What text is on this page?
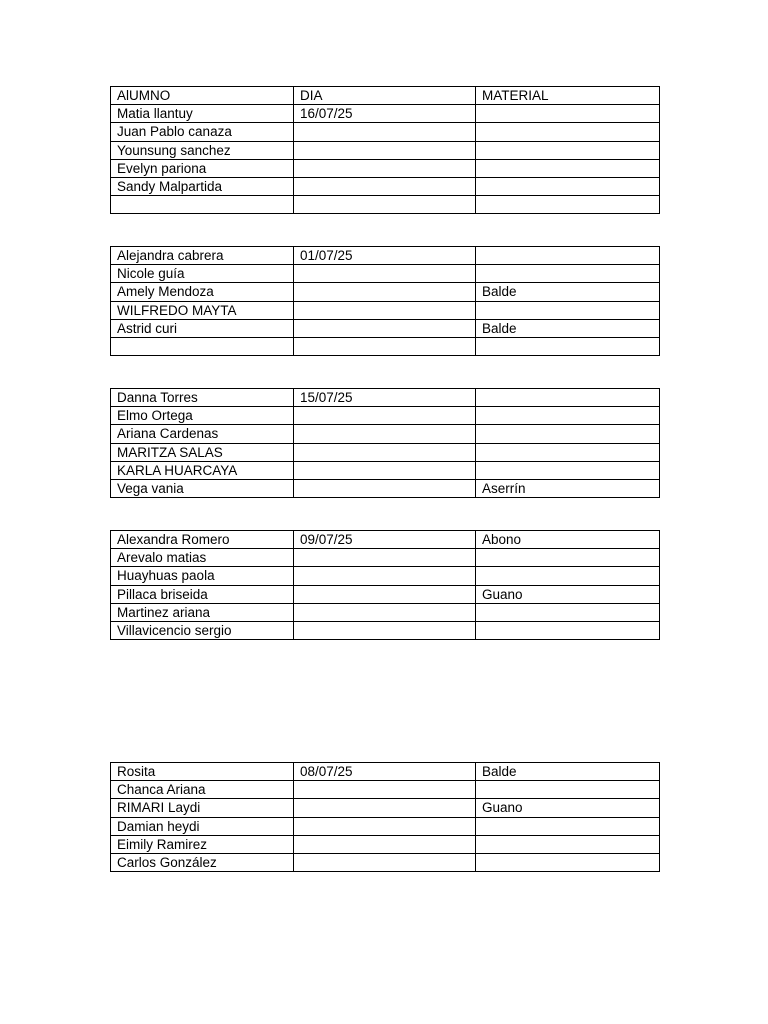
AlUMNO	DIA	MATERIAL
Matia llantuy	16/07/25	
Juan Pablo canaza		
Younsung sanchez		
Evelyn pariona		
Sandy Malpartida		

Alejandra cabrera	01/07/25	
Nicole guía		
Amely Mendoza		Balde
WILFREDO MAYTA		
Astrid curi		Balde

Danna Torres	15/07/25	
Elmo Ortega		
Ariana Cardenas		
MARITZA SALAS		
KARLA HUARCAYA		
Vega vania		Aserrín
Alexandra Romero	09/07/25	Abono
Arevalo matias		
Huayhuas paola		
Pillaca briseida		Guano
Martinez ariana		
Villavicencio sergio		
Rosita	08/07/25	Balde
Chanca Ariana		
RIMARI Laydi		Guano
Damian heydi		
Eimily Ramirez		
Carlos González		
